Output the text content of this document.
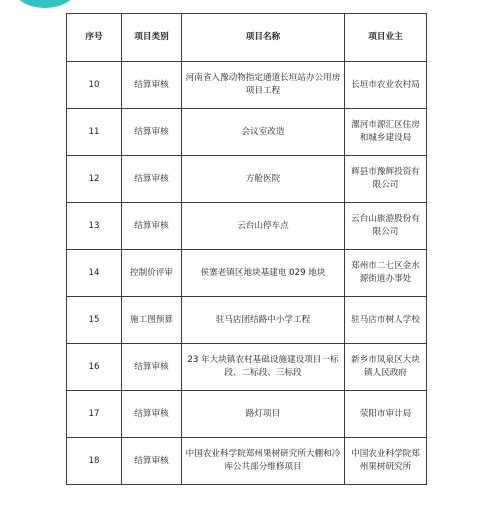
序号	项目类别	项目名称	项目业主
10	结算审核	河南省入豫动物指定通道长垣站办公用房项目工程	长垣市农业农村局
11	结算审核	会议室改造	漯河市源汇区住房和城乡建设局
12	结算审核	方舱医院	辉县市豫辉投资有限公司
13	结算审核	云台山停车点	云台山旅游股份有限公司
14	控制价评审	侯寨老镇区地块基建电 029 地块	郑州市二七区金水源街道办事处
15	施工图预算	驻马店团结路中小学工程	驻马店市树人学校
16	结算审核	23 年大块镇农村基础设施建设项目一标段、二标段、三标段	新乡市凤泉区大块镇人民政府
17	结算审核	路灯项目	荥阳市审计局
18	结算审核	中国农业科学院郑州果树研究所大棚和冷库公共部分维修项目	中国农业科学院郑州果树研究所
